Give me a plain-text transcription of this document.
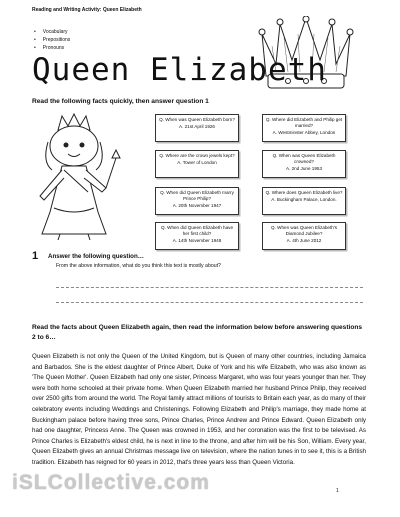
Reading and Writing Activity: Queen Elizabeth
• Vocabulary
• Prepositions
• Pronouns
Queen Elizabeth
Read the following facts quickly, then answer question 1
Q. When was Queen Elizabeth born?
A. 21st April 1926
Q. Where did Elizabeth and Philip get married?
A. Westminster Abbey, London
Q. Where are the crown jewels kept?
A. Tower of London
Q. When was Queen Elizabeth crowned?
A. 2nd June 1953
Q. When did Queen Elizabeth marry Prince Philip?
A. 20th November 1947
Q. Where does Queen Elizabeth live?
A. Buckingham Palace, London.
Q. When did Queen Elizabeth have her first child?
A. 14th November 1948
Q. When was Queen Elizabeth's Diamond Jubilee?
A. 4th June 2012
1 Answer the following question…
From the above information, what do you think this text is mostly about?
Read the facts about Queen Elizabeth again, then read the information below before answering questions 2 to 6…
Queen Elizabeth is not only the Queen of the United Kingdom, but is Queen of many other countries, including Jamaica and Barbados. She is the eldest daughter of Prince Albert, Duke of York and his wife Elizabeth, who was also known as 'The Queen Mother'. Queen Elizabeth had only one sister, Princess Margaret, who was four years younger than her. They were both home schooled at their private home. When Queen Elizabeth married her husband Prince Philip, they received over 2500 gifts from around the world. The Royal family attract millions of tourists to Britain each year, as do many of their celebratory events including Weddings and Christenings. Following Elizabeth and Philip's marriage, they made home at Buckingham palace before having three sons, Prince Charles, Prince Andrew and Prince Edward. Queen Elizabeth only had one daughter, Princess Anne. The Queen was crowned in 1953, and her coronation was the first to be televised. As Prince Charles is Elizabeth's eldest child, he is next in line to the throne, and after him will be his Son, William. Every year, Queen Elizabeth gives an annual Christmas message live on television, where the nation tunes in to see it, this is a British tradition. Elizabeth has reigned for 60 years in 2012, that's three years less than Queen Victoria.
iSLCollective.com	1
